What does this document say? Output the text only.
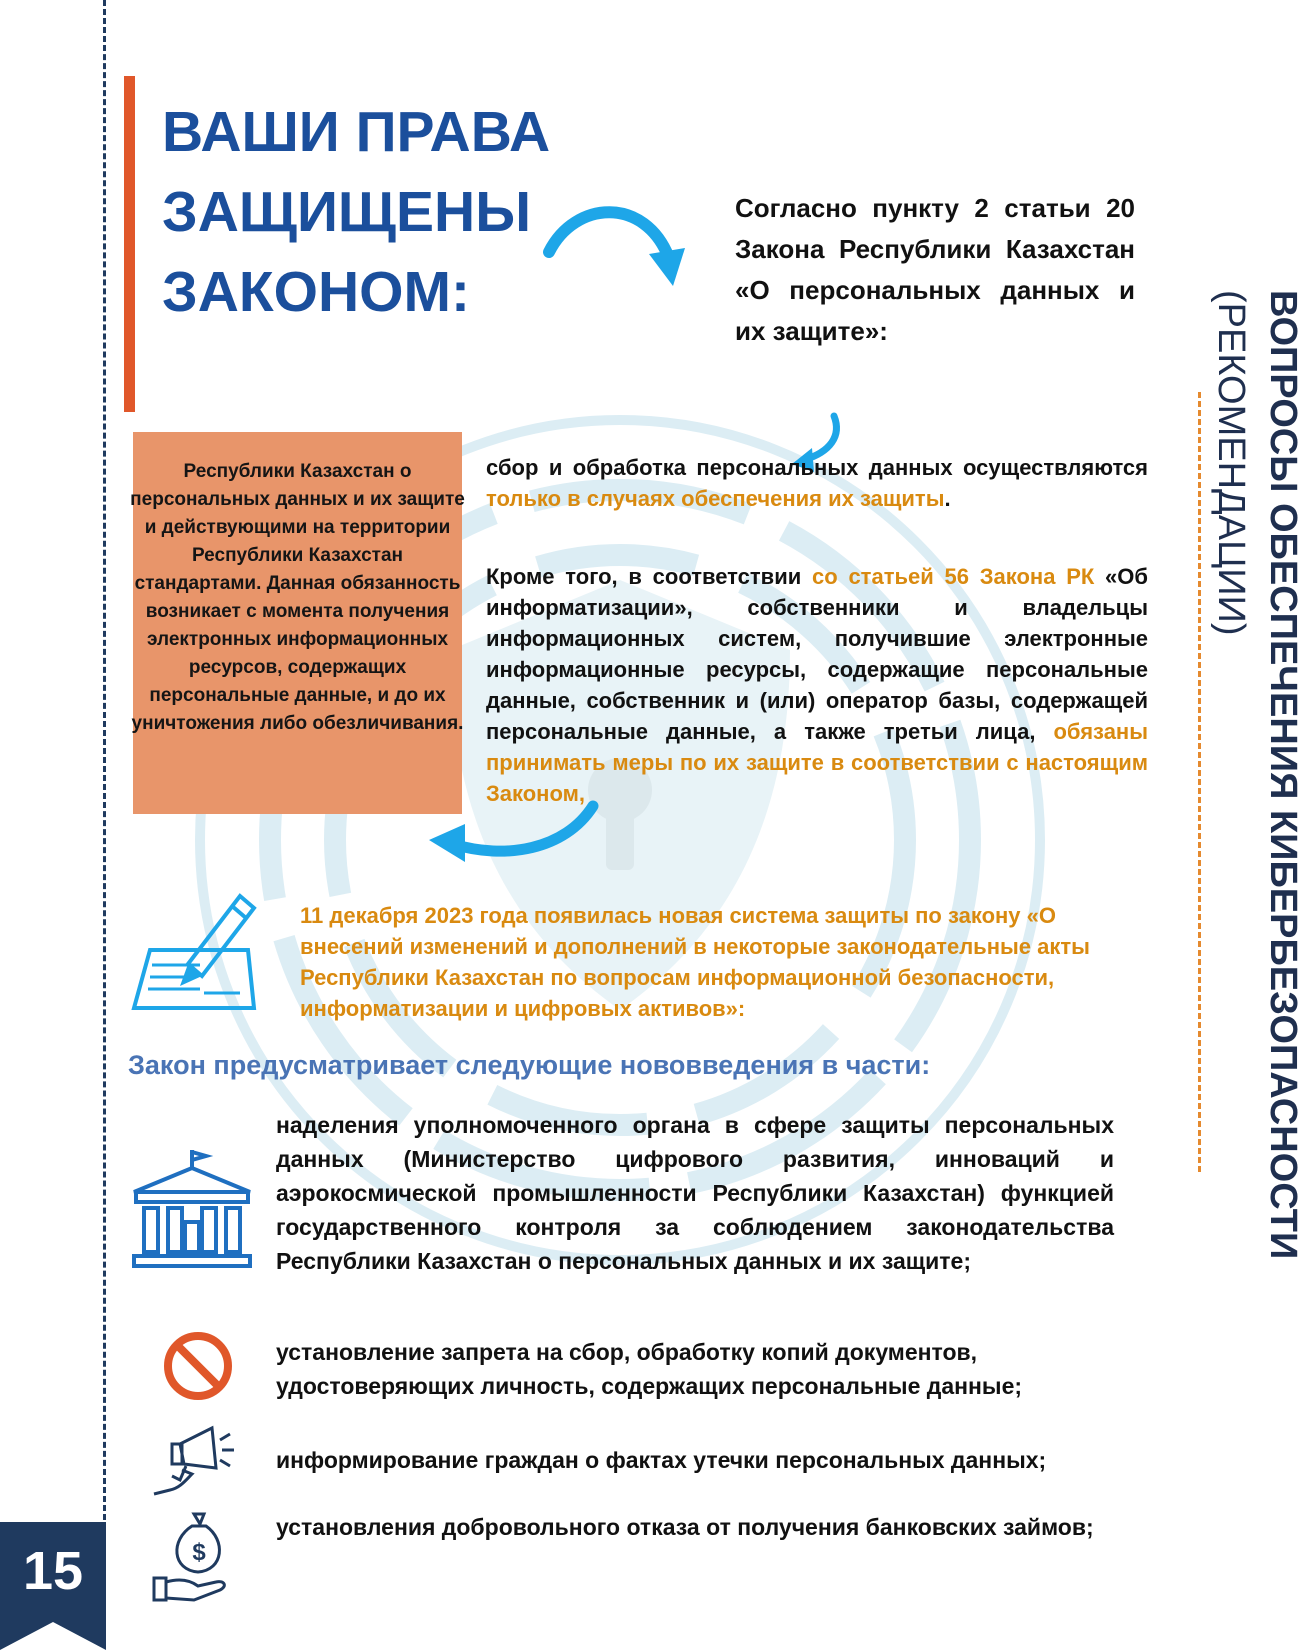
15
ВАШИ ПРАВА
ЗАЩИЩЕНЫ
ЗАКОНОМ:
Согласно пункту 2 статьи 20 Закона Республики Казахстан «О персональных данных и их защите»:	ВОПРОСЫ ОБЕСПЕЧЕНИЯ КИБЕРБЕЗОПАСНОСТИ
(РЕКОМЕНДАЦИИ)
Республики Казахстан о персональных данных и их защите и действующими на территории Республики Казахстан стандартами. Данная обязанность возникает с момента получения электронных информационных ресурсов, содержащих персональные данные, и до их уничтожения либо обезличивания.
сбор и обработка персональных данных осуществляются только в случаях обеспечения их защиты.
Кроме того, в соответствии со статьей 56 Закона РК «Об информатизации», собственники и владельцы информационных систем, получившие электронные информационные ресурсы, содержащие персональные данные, собственник и (или) оператор базы, содержащей персональные данные, а также третьи лица, обязаны принимать меры по их защите в соответствии с настоящим Законом,
11 декабря 2023 года появилась новая система защиты по закону «О внесений изменений и дополнений в некоторые законодательные акты Республики Казахстан по вопросам информационной безопасности, информатизации и цифровых активов»:
Закон предусматривает следующие нововведения в части:
наделения уполномоченного органа в сфере защиты персональных данных (Министерство цифрового развития, инноваций и аэрокосмической промышленности Республики Казахстан) функцией государственного контроля за соблюдением законодательства Республики Казахстан о персональных данных и их защите;
установление запрета на сбор, обработку копий документов, удостоверяющих личность, содержащих персональные данные;
информирование граждан о фактах утечки персональных данных;
$
установления добровольного отказа от получения банковских займов;
